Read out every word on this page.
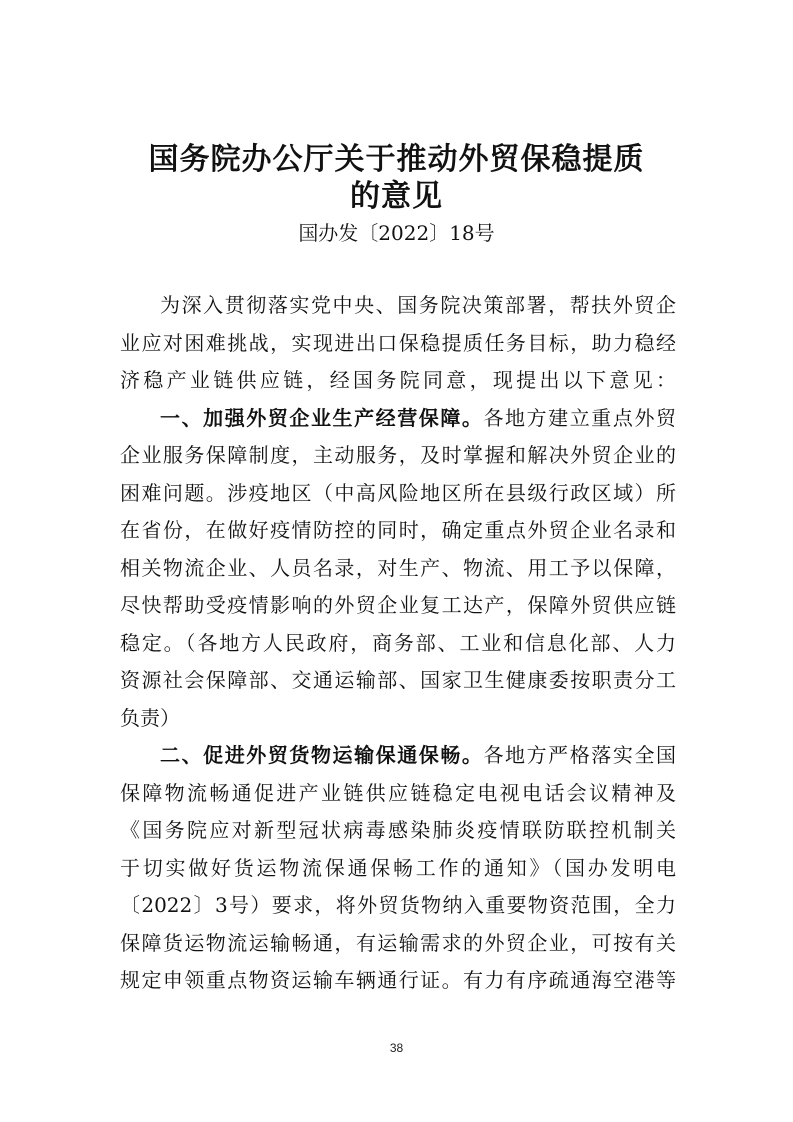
国务院办公厅关于推动外贸保稳提质
的意见
国办发〔2022〕18号
为深入贯彻落实党中央、国务院决策部署，帮扶外贸企
业应对困难挑战，实现进出口保稳提质任务目标，助力稳经
济稳产业链供应链，经国务院同意，现提出以下意见：
一、加强外贸企业生产经营保障。各地方建立重点外贸
企业服务保障制度，主动服务，及时掌握和解决外贸企业的
困难问题。涉疫地区（中高风险地区所在县级行政区域）所
在省份，在做好疫情防控的同时，确定重点外贸企业名录和
相关物流企业、人员名录，对生产、物流、用工予以保障，
尽快帮助受疫情影响的外贸企业复工达产，保障外贸供应链
稳定。（各地方人民政府，商务部、工业和信息化部、人力
资源社会保障部、交通运输部、国家卫生健康委按职责分工
负责）
二、促进外贸货物运输保通保畅。各地方严格落实全国
保障物流畅通促进产业链供应链稳定电视电话会议精神及
《国务院应对新型冠状病毒感染肺炎疫情联防联控机制关
于切实做好货运物流保通保畅工作的通知》（国办发明电
〔2022〕3号）要求，将外贸货物纳入重要物资范围，全力
保障货运物流运输畅通，有运输需求的外贸企业，可按有关
规定申领重点物资运输车辆通行证。有力有序疏通海空港等
38
